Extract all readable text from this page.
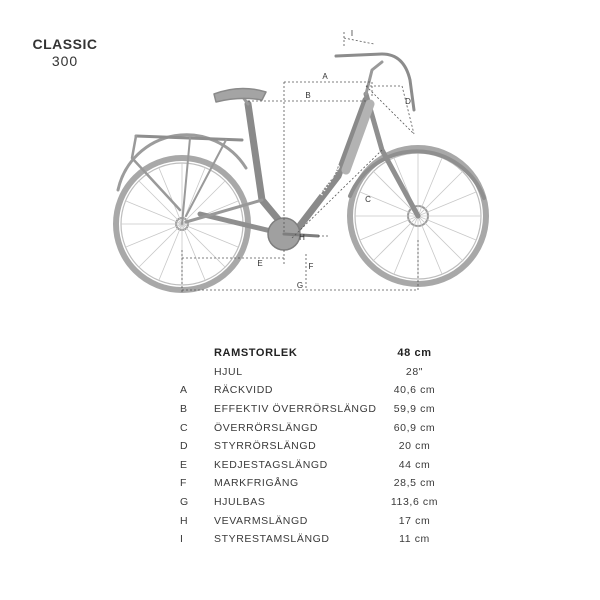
CLASSIC
300
FITNORD
A
B
C
D
E	F
G
H
I
	RAMSTORLEK	48 cm
	HJUL	28"
A	RÄCKVIDD	40,6 cm
B	EFFEKTIV ÖVERRÖRSLÄNGD	59,9 cm
C	ÖVERRÖRSLÄNGD	60,9 cm
D	STYRRÖRSLÄNGD	20 cm
E	KEDJESTAGSLÄNGD	44 cm
F	MARKFRIGÅNG	28,5 cm
G	HJULBAS	113,6 cm
H	VEVARMSLÄNGD	17 cm
I	STYRESTAMSLÄNGD	11 cm
